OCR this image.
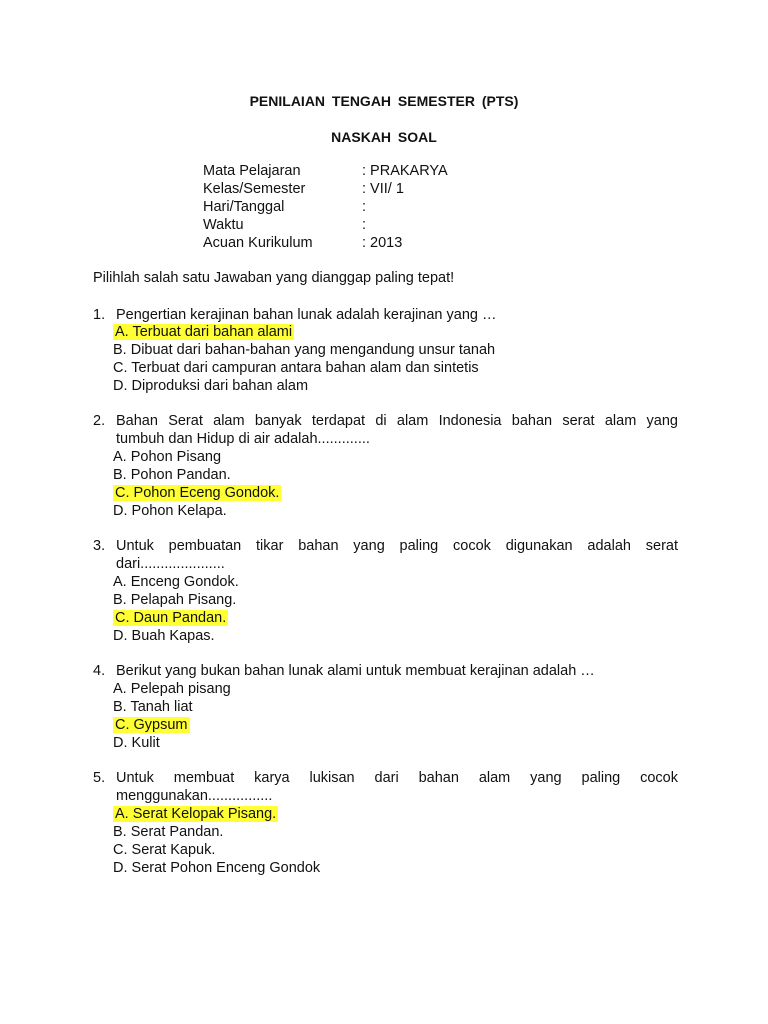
PENILAIAN TENGAH SEMESTER (PTS)
NASKAH SOAL
Mata Pelajaran	: PRAKARYA
Kelas/Semester	: VII/ 1
Hari/Tanggal	:
Waktu	:
Acuan Kurikulum	: 2013
Pilihlah salah satu Jawaban yang dianggap paling tepat!
1. Pengertian kerajinan bahan lunak adalah kerajinan yang …
A. Terbuat dari bahan alami
B. Dibuat dari bahan-bahan yang mengandung unsur tanah
C. Terbuat dari campuran antara bahan alam dan sintetis
D. Diproduksi dari bahan alam
2. Bahan Serat alam banyak terdapat di alam Indonesia bahan serat alam yang
tumbuh dan Hidup di air adalah.............
A. Pohon Pisang
B. Pohon Pandan.
C. Pohon Eceng Gondok.
D. Pohon Kelapa.
3. Untuk pembuatan tikar bahan yang paling cocok digunakan adalah serat
dari.....................
A. Enceng Gondok.
B. Pelapah Pisang.
C. Daun Pandan.
D. Buah Kapas.
4. Berikut yang bukan bahan lunak alami untuk membuat kerajinan adalah …
A. Pelepah pisang
B. Tanah liat
C. Gypsum
D. Kulit
5. Untuk membuat karya lukisan dari bahan alam yang paling cocok
menggunakan................
A. Serat Kelopak Pisang.
B. Serat Pandan.
C. Serat Kapuk.
D. Serat Pohon Enceng Gondok
